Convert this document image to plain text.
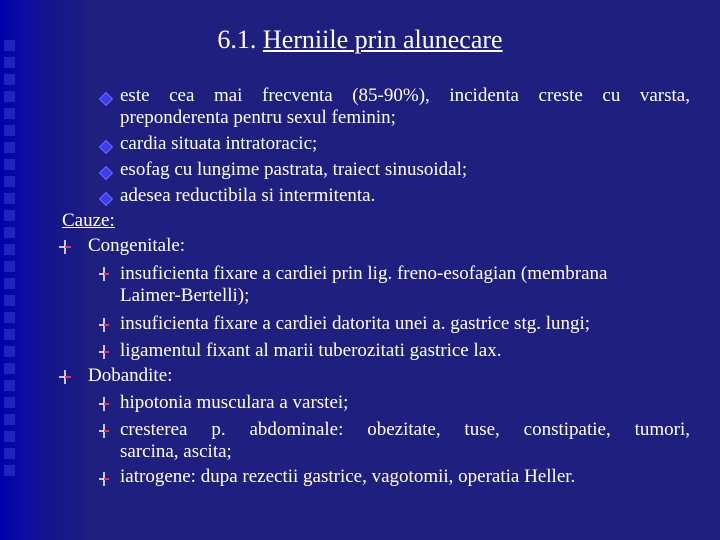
6.1. Herniile prin alunecare
este cea mai frecventa (85-90%), incidenta creste cu varsta,
preponderenta pentru sexul feminin;
cardia situata intratoracic;
esofag cu lungime pastrata, traiect sinusoidal;
adesea reductibila si intermitenta.
Cauze:
Congenitale:
insuficienta fixare a cardiei prin lig. freno-esofagian (membrana
Laimer-Bertelli);
insuficienta fixare a cardiei datorita unei a. gastrice stg. lungi;
ligamentul fixant al marii tuberozitati gastrice lax.
Dobandite:
hipotonia musculara a varstei;
cresterea p. abdominale: obezitate, tuse, constipatie, tumori,
sarcina, ascita;
iatrogene: dupa rezectii gastrice, vagotomii, operatia Heller.
